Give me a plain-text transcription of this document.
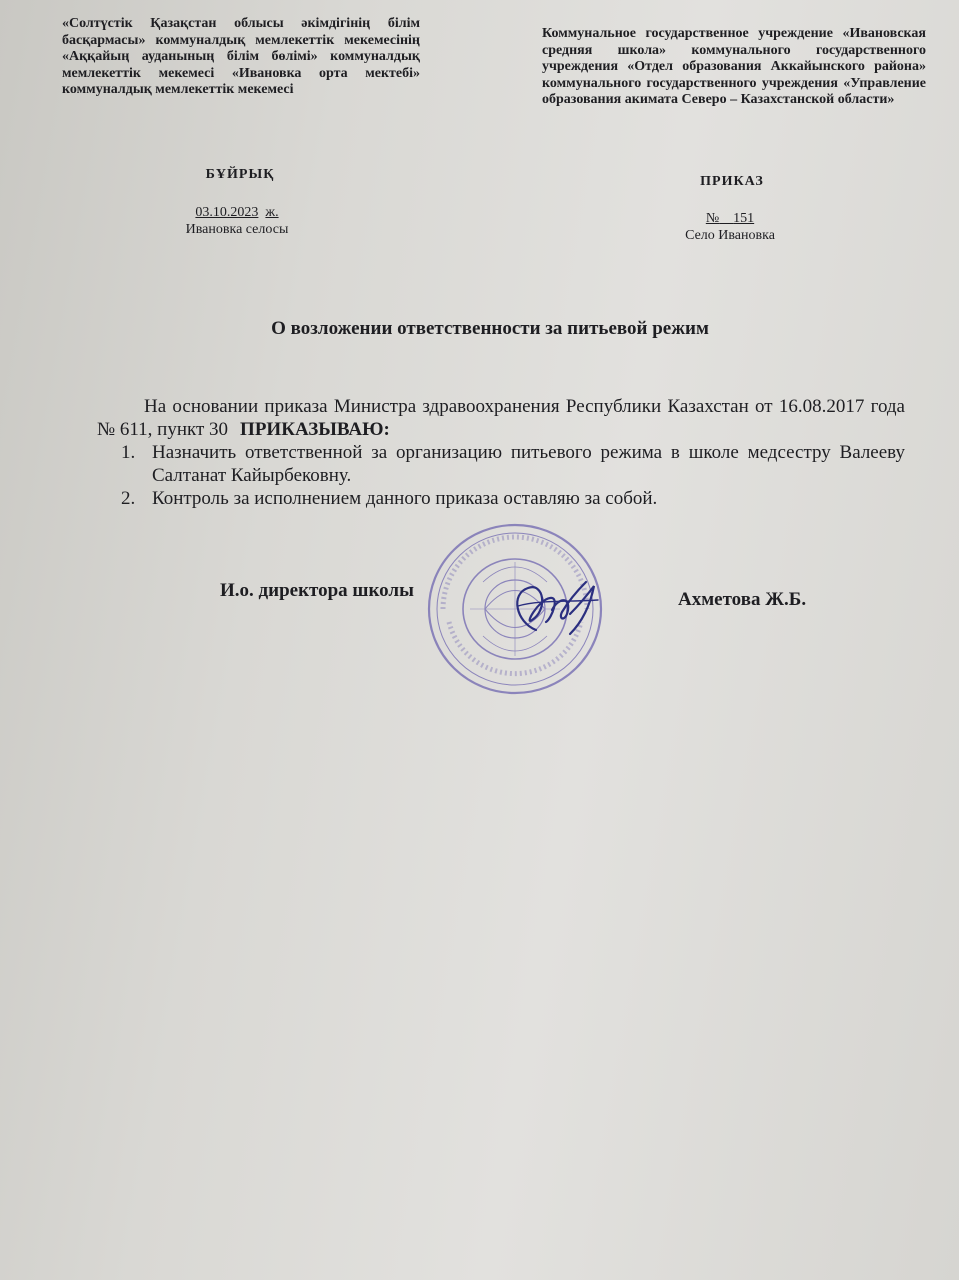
«Солтүстік Қазақстан облысы әкімдігінің білім басқармасы» коммуналдық мемлекеттік мекемесінің «Аққайың ауданының білім бөлімі» коммуналдық мемлекеттік мекемесі «Ивановка орта мектебі» коммуналдық мемлекеттік мекемесі
Коммунальное государственное учреждение «Ивановская средняя школа» коммунального государственного учреждения «Отдел образования Аккайынского района» коммунального государственного учреждения «Управление образования акимата Северо – Казахстанской области»
БҰЙРЫҚ	ПРИКАЗ
03.10.2023 ж.
Ивановка селосы
№ 151
Село Ивановка
О возложении ответственности за питьевой режим

На основании приказа Министра здравоохранения Республики Казахстан от 16.08.2017 года № 611, пункт 30 ПРИКАЗЫВАЮ:

1. Назначить ответственной за организацию питьевого режима в школе медсестру Валееву Салтанат Кайырбековну.
2. Контроль за исполнением данного приказа оставляю за собой.
И.о. директора школы	Ахметова Ж.Б.
